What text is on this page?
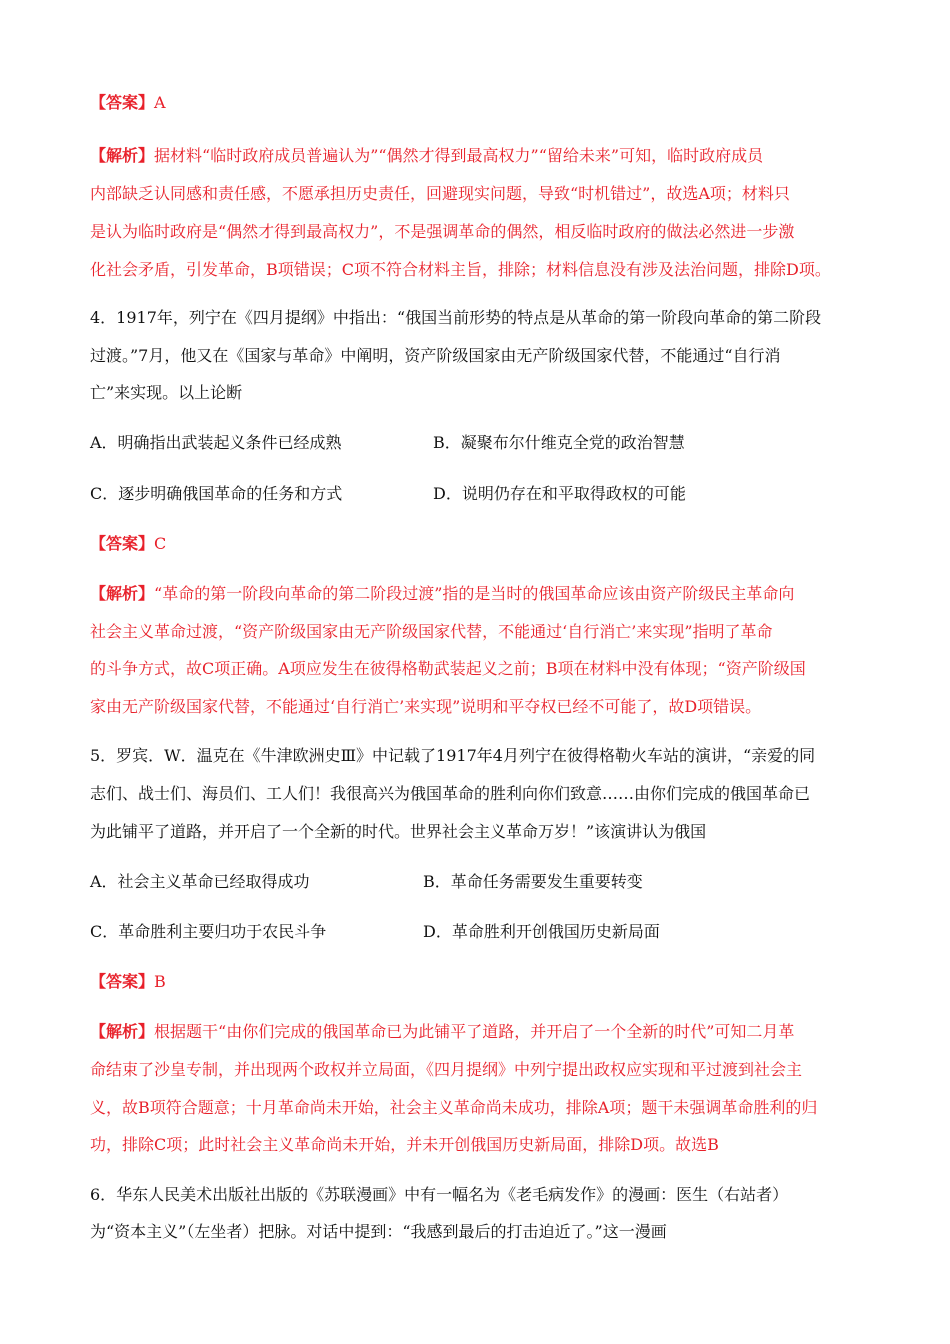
【答案】A
【解析】据材料“临时政府成员普遍认为”“偶然才得到最高权力”“留给未来”可知，临时政府成员
内部缺乏认同感和责任感，不愿承担历史责任，回避现实问题，导致“时机错过”，故选A项；材料只
是认为临时政府是“偶然才得到最高权力”，不是强调革命的偶然，相反临时政府的做法必然进一步激
化社会矛盾，引发革命，B项错误；C项不符合材料主旨，排除；材料信息没有涉及法治问题，排除D项。
4．1917年，列宁在《四月提纲》中指出：“俄国当前形势的特点是从革命的第一阶段向革命的第二阶段
过渡。”7月，他又在《国家与革命》中阐明，资产阶级国家由无产阶级国家代替，不能通过“自行消
亡”来实现。以上论断
A．明确指出武装起义条件已经成熟	B．凝聚布尔什维克全党的政治智慧
C．逐步明确俄国革命的任务和方式	D．说明仍存在和平取得政权的可能
【答案】C
【解析】“革命的第一阶段向革命的第二阶段过渡”指的是当时的俄国革命应该由资产阶级民主革命向
社会主义革命过渡，“资产阶级国家由无产阶级国家代替，不能通过‘自行消亡’来实现”指明了革命
的斗争方式，故C项正确。A项应发生在彼得格勒武装起义之前；B项在材料中没有体现；“资产阶级国
家由无产阶级国家代替，不能通过‘自行消亡’来实现”说明和平夺权已经不可能了，故D项错误。
5．罗宾．W．温克在《牛津欧洲史Ⅲ》中记载了1917年4月列宁在彼得格勒火车站的演讲，“亲爱的同
志们、战士们、海员们、工人们！我很高兴为俄国革命的胜利向你们致意……由你们完成的俄国革命已
为此铺平了道路，并开启了一个全新的时代。世界社会主义革命万岁！”该演讲认为俄国
A．社会主义革命已经取得成功	B．革命任务需要发生重要转变
C．革命胜利主要归功于农民斗争	D．革命胜利开创俄国历史新局面
【答案】B
【解析】根据题干“由你们完成的俄国革命已为此铺平了道路，并开启了一个全新的时代”可知二月革
命结束了沙皇专制，并出现两个政权并立局面，《四月提纲》中列宁提出政权应实现和平过渡到社会主
义，故B项符合题意；十月革命尚未开始，社会主义革命尚未成功，排除A项；题干未强调革命胜利的归
功，排除C项；此时社会主义革命尚未开始，并未开创俄国历史新局面，排除D项。故选B
6．华东人民美术出版社出版的《苏联漫画》中有一幅名为《老毛病发作》的漫画：医生（右站者）
为“资本主义”（左坐者）把脉。对话中提到：“我感到最后的打击迫近了。”这一漫画
